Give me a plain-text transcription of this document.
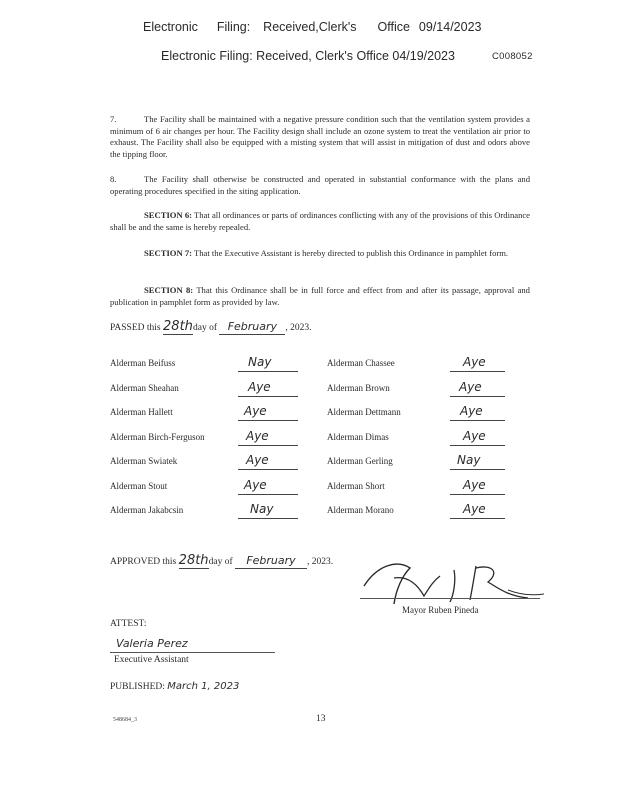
Electronic Filing: Received,Clerk's Office 09/14/2023
Electronic Filing: Received, Clerk's Office 04/19/2023	C008052
7.	The Facility shall be maintained with a negative pressure condition such that the ventilation system provides a minimum of 6 air changes per hour. The Facility design shall include an ozone system to treat the ventilation air prior to exhaust. The Facility shall also be equipped with a misting system that will assist in mitigation of dust and odors above the tipping floor.
8.	The Facility shall otherwise be constructed and operated in substantial conformance with the plans and operating procedures specified in the siting application.
SECTION 6: That all ordinances or parts of ordinances conflicting with any of the provisions of this Ordinance shall be and the same is hereby repealed.
SECTION 7: That the Executive Assistant is hereby directed to publish this Ordinance in pamphlet form.
SECTION 8: That this Ordinance shall be in full force and effect from and after its passage, approval and publication in pamphlet form as provided by law.
PASSED this 28thday of February , 2023.
Alderman Beifuss	Nay
Alderman Sheahan	Aye
Alderman Hallett	Aye
Alderman Birch-Ferguson	Aye
Alderman Swiatek	Aye
Alderman Stout	Aye
Alderman Jakabcsin	Nay
Alderman Chassee	Aye
Alderman Brown	Aye
Alderman Dettmann	Aye
Alderman Dimas	Aye
Alderman Gerling	Nay
Alderman Short	Aye
Alderman Morano	Aye
APPROVED this 28thday of February , 2023.
Mayor Ruben Pineda
ATTEST:
Valeria Perez
Executive Assistant
PUBLISHED: March 1, 2023
548684_3	13
